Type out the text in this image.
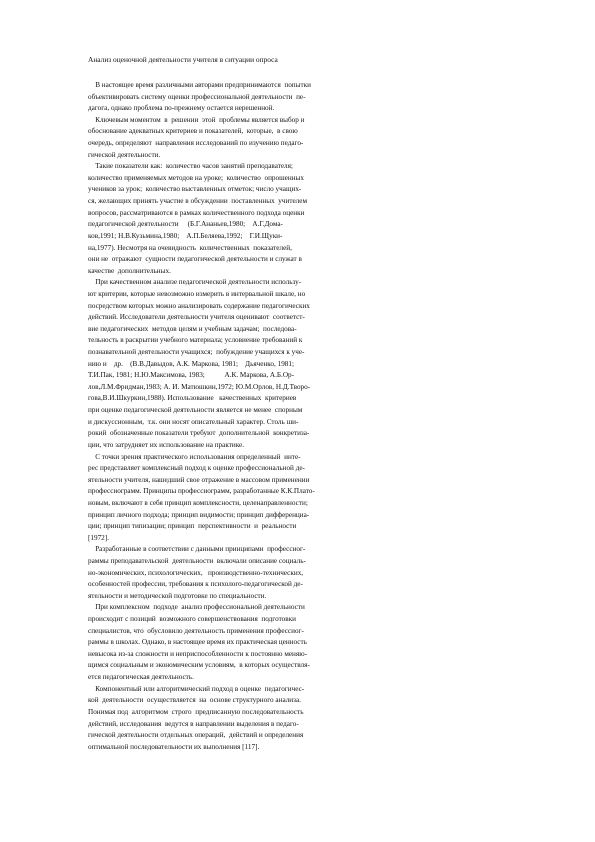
Анализ оценочной деятельности учителя в ситуации опроса
В настоящее время различными авторами предпринимаются  попытки
объективировать систему оценки профессиональной деятельности  пе-
дагога, однако проблема по-прежнему остается нерешенной.
Ключевым моментом  в  решении  этой  проблемы является выбор и
обоснование адекватных критериев и показателей,  которые,  в свою
очередь, определяют  направления исследований по изучению педаго-
гической деятельности.
Такие показатели как:  количество часов занятий преподавателя;
количество применяемых методов на уроке;  количество  опрошенных
учеников за урок;  количество выставленных отметок; число учащих-
ся, желающих принять участие в обсуждении  поставленных  учителем
вопросов, рассматриваются в рамках количественного подхода оценки
педагогической деятельности     (Б.Г.Ананьев,1980;    А.Г.Дома-
ков,1991; Н.В.Кузьмина,1980;    А.П.Беляева,1992;    Г.И.Щуки-
на,1977). Несмотря на очевидность  количественных  показателей,
они не  отражают  сущности педагогической деятельности и служат в
качестве  дополнительных.
При качественном анализе педагогической деятельности использу-
ют критерии, которые невозможно измерить в интервальной шкале, но
посредством которых можно анализировать содержание педагогических
действий. Исследователи деятельности учителя оценивают  соответст-
вие педагогических  методов целям и учебным задачам;  последова-
тельность в раскрытии учебного материала; условиение требований к
познавательной деятельности учащихся;  побуждение учащихся к уче-
нию и    др.    (В.В.Давыдов, А.К. Маркова, 1981;    Дьяченко, 1981;
Т.И.Пак, 1981; Н.Ю.Максимова, 1983;           А.К. Маркова, А.Б.Ор-
лов,Л.М.Фридман,1983; А. И. Матюшкин,1972; Ю.М.Орлов, Н.Д.Творо-
гова,В.И.Шкуркин,1988). Использование   качественных  критериев
при оценке педагогической деятельности является не менее  спорным
и дискуссионным,  т.к. они носят описательный характер. Столь ши-
рокий  обозначенные показатели требуют  дополнительной  конкретиза-
ции, что затрудняет их использование на практике.
С точки зрения практического использования определенный  инте-
рес представляет комплексный подход к оценке профессиональной де-
ятельности учителя, нашедший свое отражение в массовом применении
профессиограмм. Принципы профессиограмм, разработанные К.К.Плато-
новым, включают в себя принцип комплексности, целенаправленности;
принцип личного подхода; принцип видимости; принцип дифференциа-
ции; принцип типизации; принцип  перспективности  и  реальности
[1972].
Разработанные в соответствии с данными принципами  профессиог-
раммы преподавательской  деятельности  включали описание социаль-
но-экономических, психологических,   производственно-технических,
особенностей профессии, требования к психолого-педагогической де-
ятельности и методической подготовке по специальности.
При комплексном  подходе  анализ профессиональной деятельности
происходит с позиций  возможного совершенствования  подготовки
специалистов, что  обусловило деятельность применения профессиог-
раммы в школах. Однако, в настоящее время их практическая ценность
невысока из-за сложности и неприспособленности к постоянно меняю-
щимся социальным и экономическим условиям,  в которых осуществля-
ется педагогическая деятельность.
Компонентный или алгоритмический подход в оценке  педагогичес-
кой  деятельности  осуществляется  на  основе структурного анализа.
Понимая под  алгоритмом  строго  предписанную последовательность
действий, исследования  ведутся в направлении выделения в педаго-
гической деятельности отдельных операций,  действий и определения
оптимальной последовательности их выполнения [117].
